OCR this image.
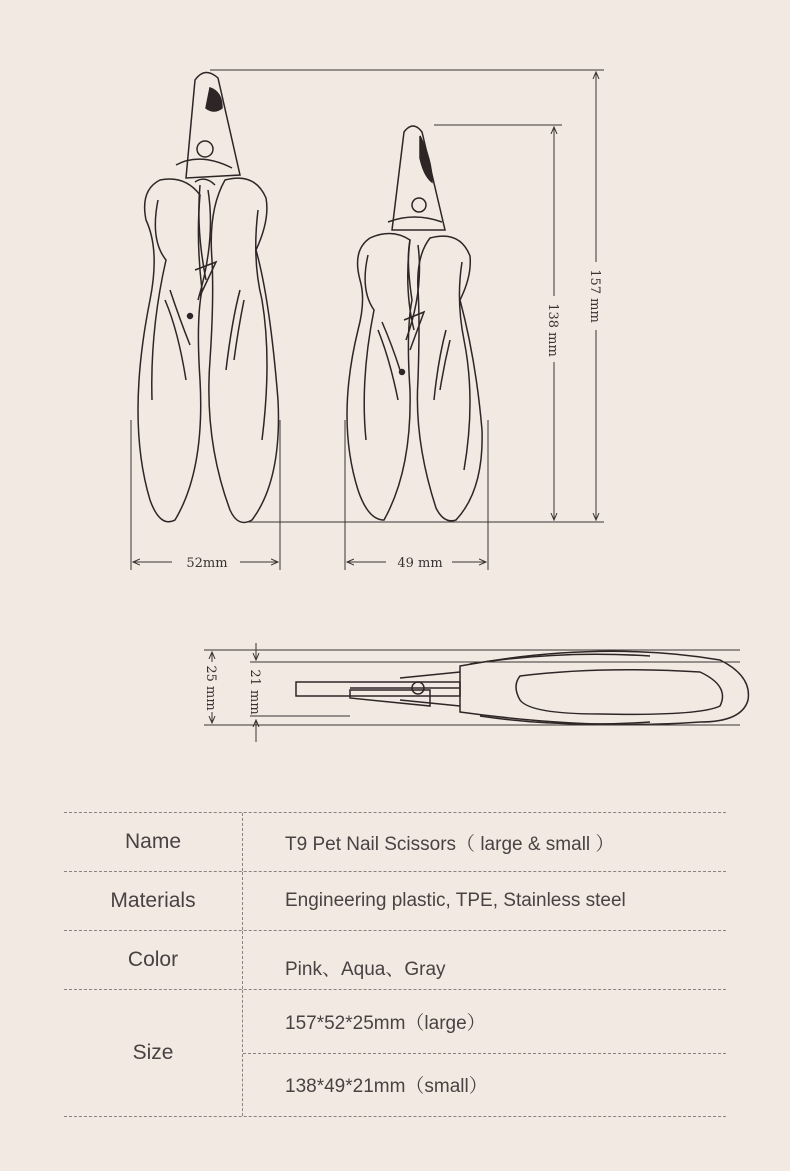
52mm	49 mm
157 mm
138 mm
25 mm 21 mm
Name	T9 Pet Nail Scissors（ large & small ）
Materials	Engineering plastic, TPE, Stainless steel
Color	Pink、Aqua、Gray
Size
157*52*25mm（large）
138*49*21mm（small）
